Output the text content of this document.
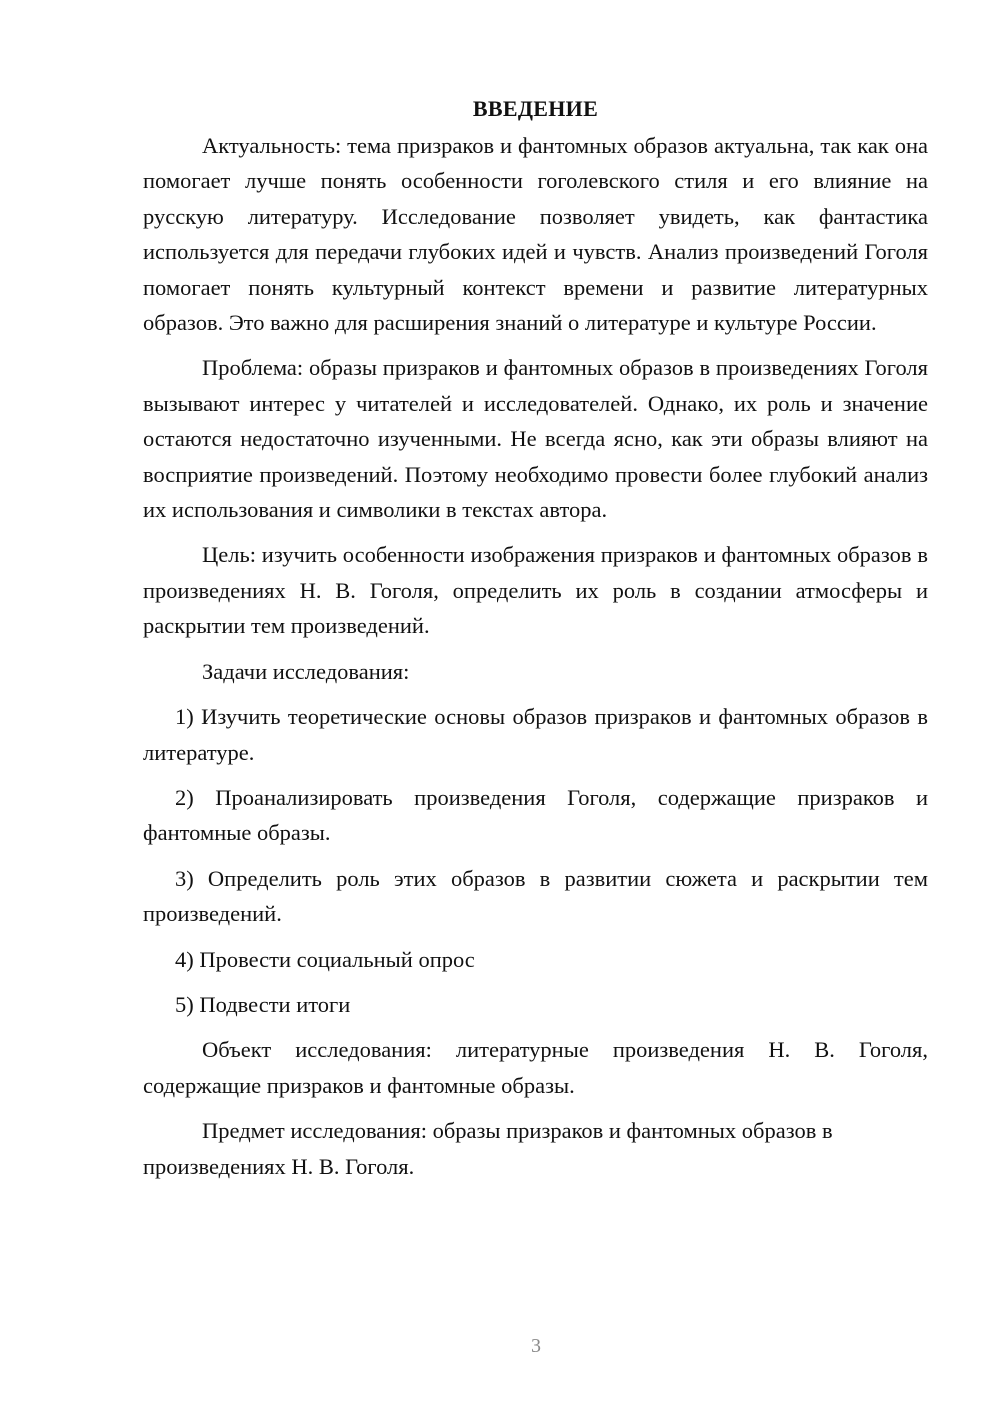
ВВЕДЕНИЕ

Актуальность: тема призраков и фантомных образов актуальна, так как она помогает лучше понять особенности гоголевского стиля и его влияние на русскую литературу. Исследование позволяет увидеть, как фантастика используется для передачи глубоких идей и чувств. Анализ произведений Гоголя помогает понять культурный контекст времени и развитие литературных образов. Это важно для расширения знаний о литературе и культуре России.

Проблема: образы призраков и фантомных образов в произведениях Гоголя вызывают интерес у читателей и исследователей. Однако, их роль и значение остаются недостаточно изученными. Не всегда ясно, как эти образы влияют на восприятие произведений. Поэтому необходимо провести более глубокий анализ их использования и символики в текстах автора.

Цель: изучить особенности изображения призраков и фантомных образов в произведениях Н. В. Гоголя, определить их роль в создании атмосферы и раскрытии тем произведений.

Задачи исследования:

1) Изучить теоретические основы образов призраков и фантомных образов в литературе.

2) Проанализировать произведения Гоголя, содержащие призраков и фантомные образы.

3) Определить роль этих образов в развитии сюжета и раскрытии тем произведений.

4) Провести социальный опрос

5) Подвести итоги

Объект исследования: литературные произведения Н. В. Гоголя, содержащие призраков и фантомные образы.

Предмет исследования: образы призраков и фантомных образов в произведениях Н. В. Гоголя.

3
